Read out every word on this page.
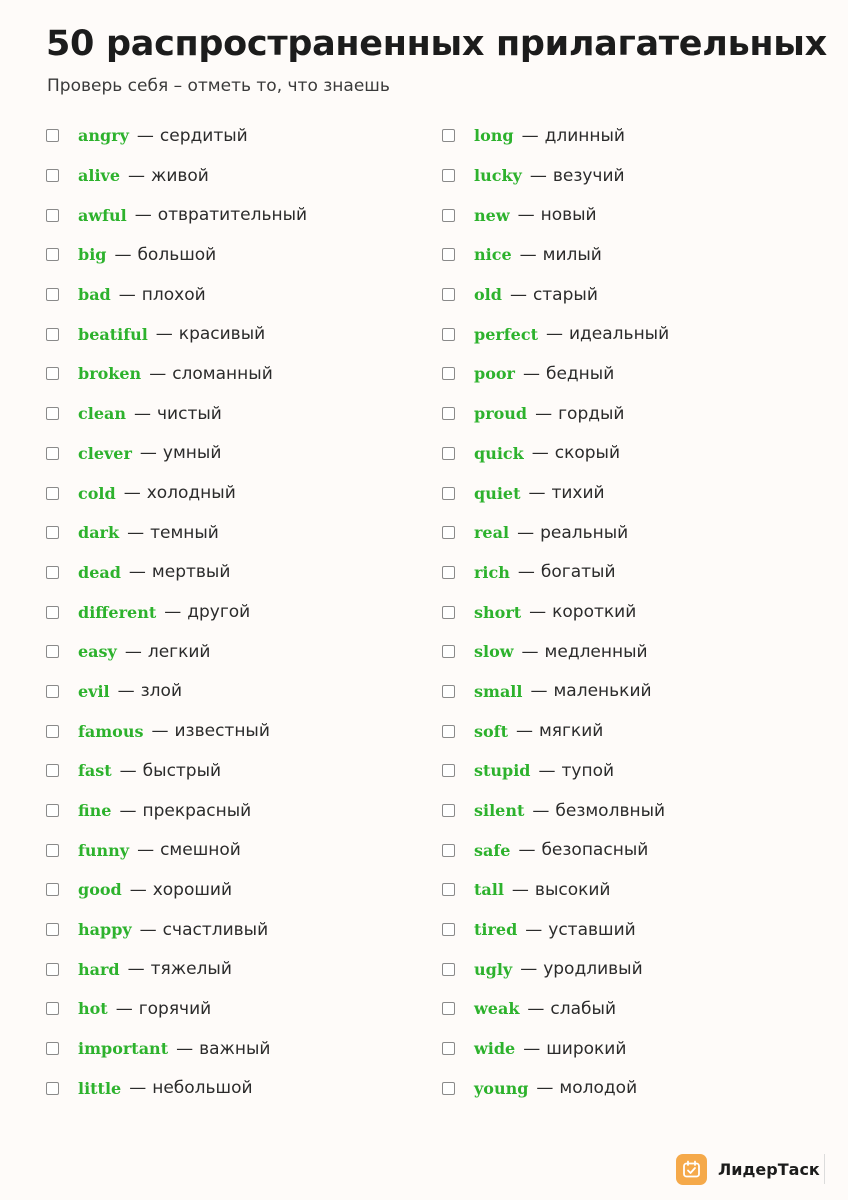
50 распространенных прилагательных

Проверь себя – отметь то, что знаешь

angry — сердитый
alive — живой
awful — отвратительный
big — большой
bad — плохой
beatiful — красивый
broken — сломанный
clean — чистый
clever — умный
cold — холодный
dark — темный
dead — мертвый
different — другой
easy — легкий
evil — злой
famous — известный
fast — быстрый
fine — прекрасный
funny — смешной
good — хороший
happy — счастливый
hard — тяжелый
hot — горячий
important — важный
little — небольшой
long — длинный
lucky — везучий
new — новый
nice — милый
old — старый
perfect — идеальный
poor — бедный
proud — гордый
quick — скорый
quiet — тихий
real — реальный
rich — богатый
short — короткий
slow — медленный
small — маленький
soft — мягкий
stupid — тупой
silent — безмолвный
safe — безопасный
tall — высокий
tired — уставший
ugly — уродливый
weak — слабый
wide — широкий
young — молодой
ЛидерТаск
